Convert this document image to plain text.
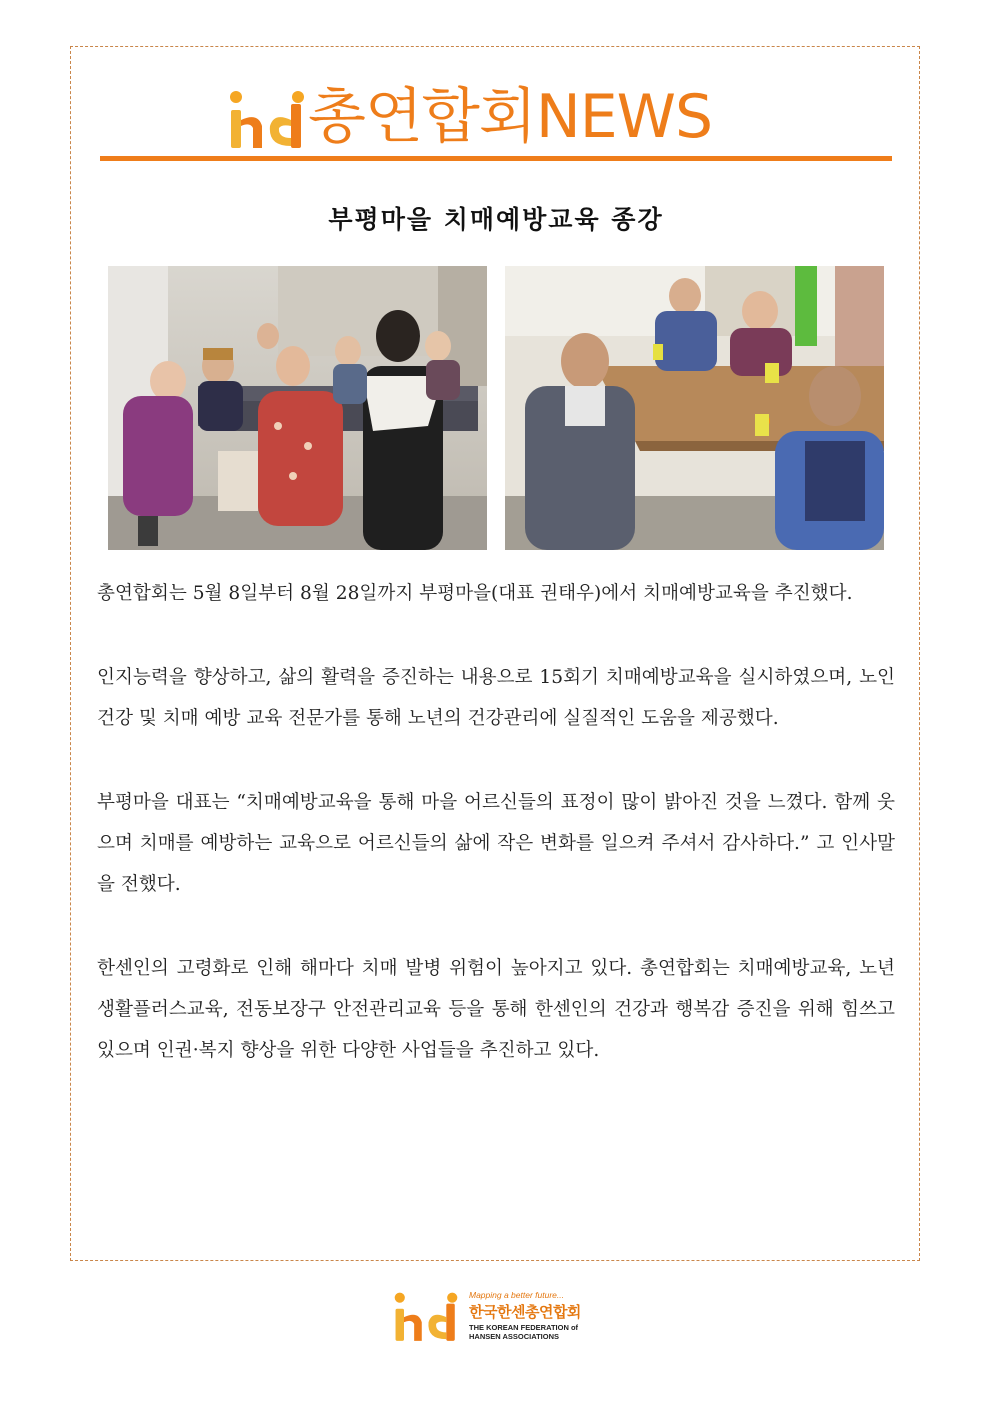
총연합회NEWS
부평마을 치매예방교육 종강

총연합회는 5월 8일부터 8월 28일까지 부평마을(대표 권태우)에서 치매예방교육을 추진했다.

인지능력을 향상하고, 삶의 활력을 증진하는 내용으로 15회기 치매예방교육을 실시하였으며, 노인 건강 및 치매 예방 교육 전문가를 통해 노년의 건강관리에 실질적인 도움을 제공했다.

부평마을 대표는 “치매예방교육을 통해 마을 어르신들의 표정이 많이 밝아진 것을 느꼈다. 함께 웃으며 치매를 예방하는 교육으로 어르신들의 삶에 작은 변화를 일으켜 주셔서 감사하다.” 고 인사말을 전했다.

한센인의 고령화로 인해 해마다 치매 발병 위험이 높아지고 있다. 총연합회는 치매예방교육, 노년 생활플러스교육, 전동보장구 안전관리교육 등을 통해 한센인의 건강과 행복감 증진을 위해 힘쓰고 있으며 인권·복지 향상을 위한 다양한 사업들을 추진하고 있다.

Mapping a better future...
한국한센총연합회
THE KOREAN FEDERATION of
HANSEN ASSOCIATIONS
